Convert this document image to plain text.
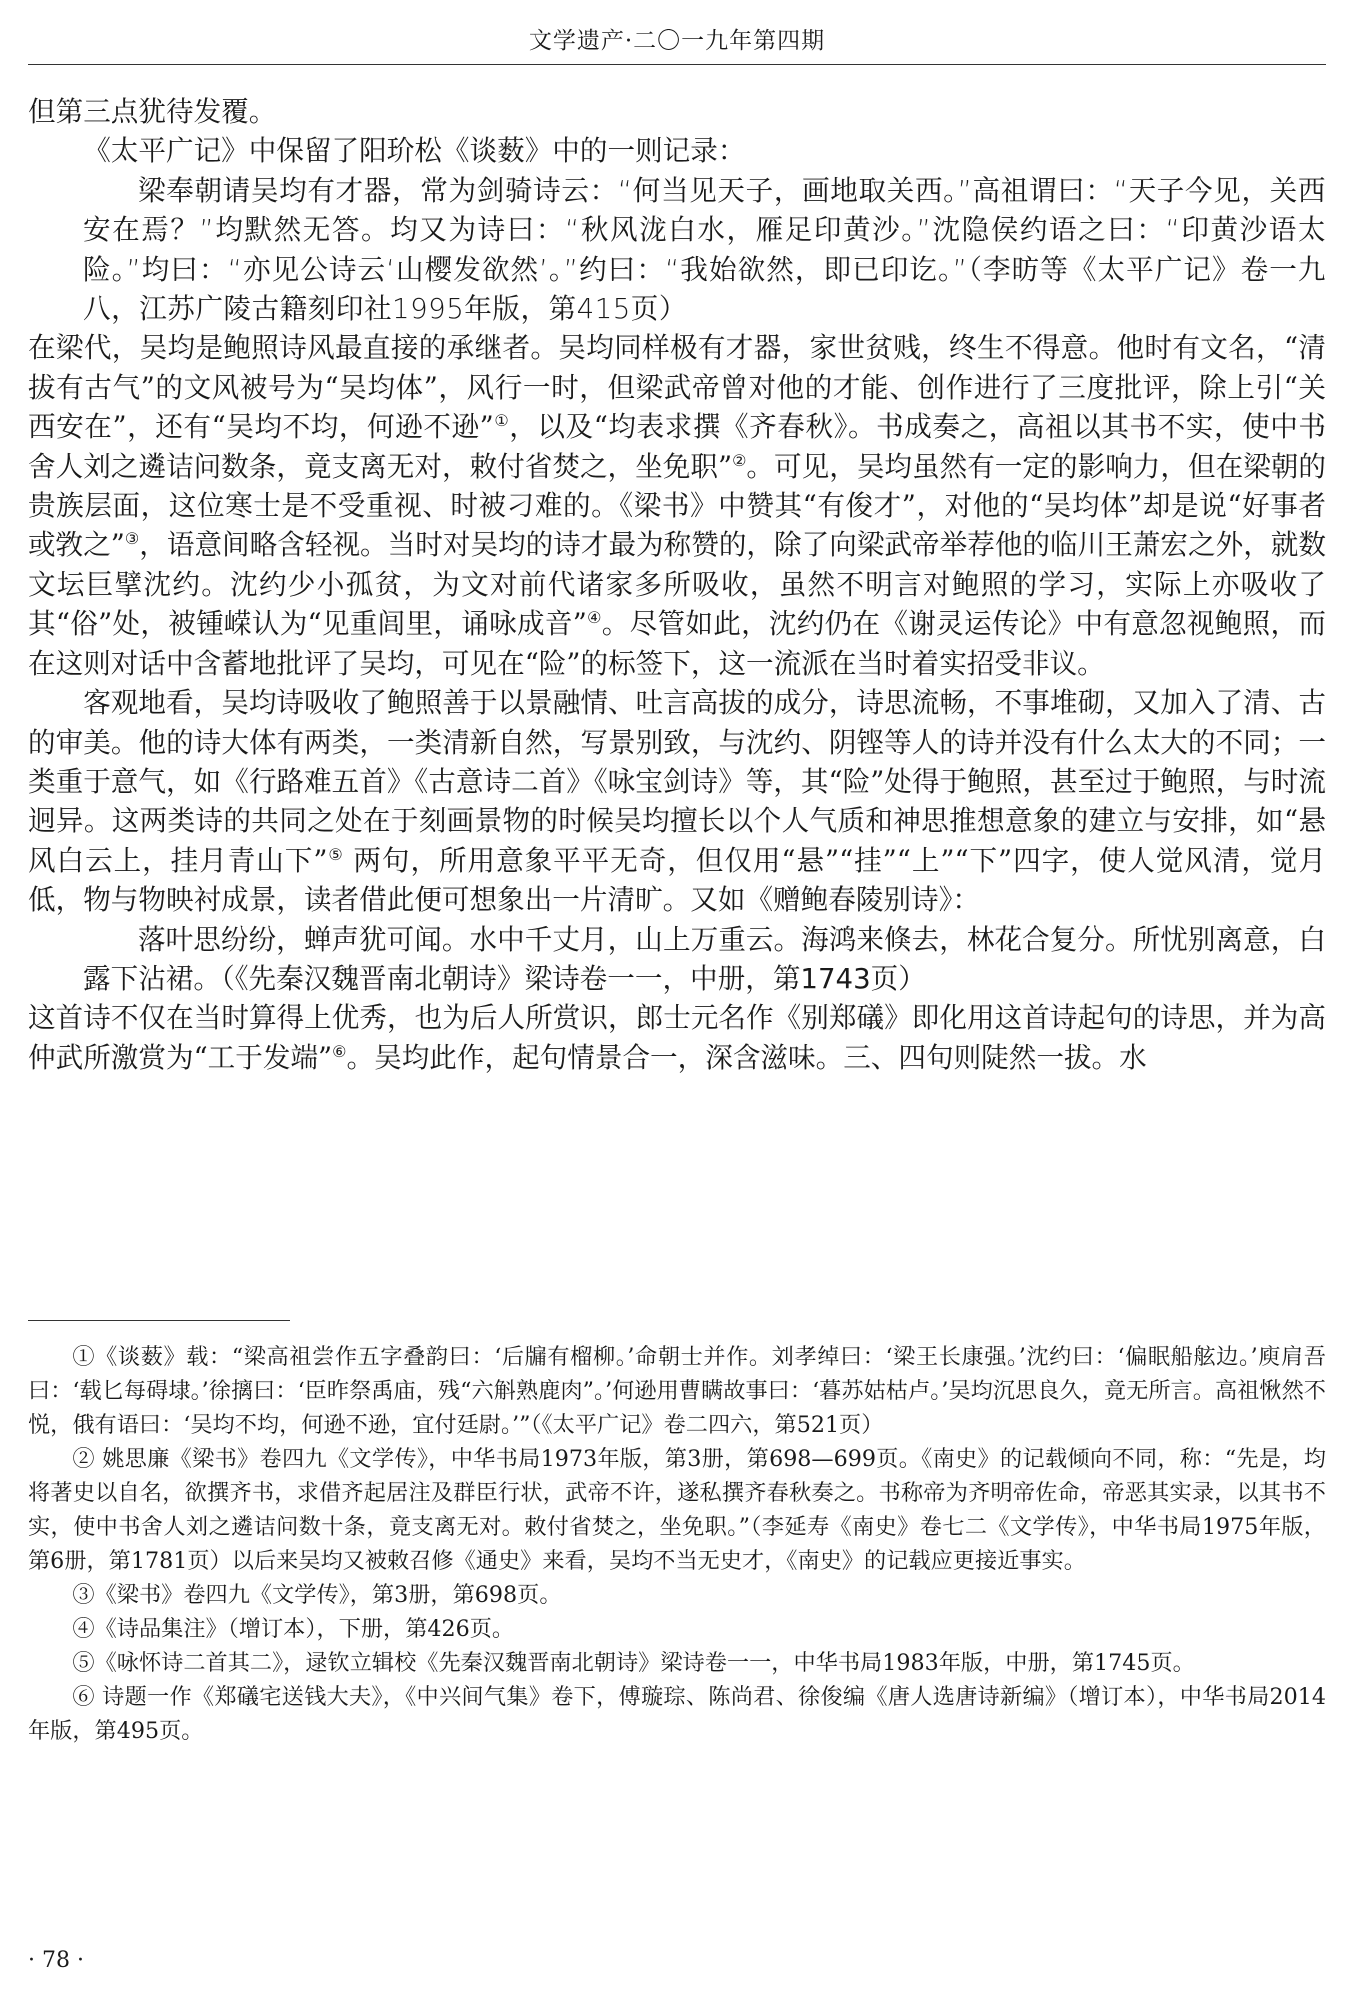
文学遗产·二〇一九年第四期

但第三点犹待发覆。

《太平广记》中保留了阳玠松《谈薮》中的一则记录：

梁奉朝请吴均有才器，常为剑骑诗云：“何当见天子，画地取关西。”高祖谓曰：“天子今见，关西安在焉？”均默然无答。均又为诗曰：“秋风泷白水，雁足印黄沙。”沈隐侯约语之曰：“印黄沙语太险。”均曰：“亦见公诗云‘山樱发欲然’。”约曰：“我始欲然，即已印讫。”（李昉等《太平广记》卷一九八，江苏广陵古籍刻印社1995年版，第415页）

在梁代，吴均是鲍照诗风最直接的承继者。吴均同样极有才器，家世贫贱，终生不得意。他时有文名，“清拔有古气”的文风被号为“吴均体”，风行一时，但梁武帝曾对他的才能、创作进行了三度批评，除上引“关西安在”，还有“吴均不均，何逊不逊”①，以及“均表求撰《齐春秋》。书成奏之，高祖以其书不实，使中书舍人刘之遴诘问数条，竟支离无对，敕付省焚之，坐免职”②。可见，吴均虽然有一定的影响力，但在梁朝的贵族层面，这位寒士是不受重视、时被刁难的。《梁书》中赞其“有俊才”，对他的“吴均体”却是说“好事者或敩之”③，语意间略含轻视。当时对吴均的诗才最为称赞的，除了向梁武帝举荐他的临川王萧宏之外，就数文坛巨擘沈约。沈约少小孤贫，为文对前代诸家多所吸收，虽然不明言对鲍照的学习，实际上亦吸收了其“俗”处，被锺嵘认为“见重闾里，诵咏成音”④。尽管如此，沈约仍在《谢灵运传论》中有意忽视鲍照，而在这则对话中含蓄地批评了吴均，可见在“险”的标签下，这一流派在当时着实招受非议。

客观地看，吴均诗吸收了鲍照善于以景融情、吐言高拔的成分，诗思流畅，不事堆砌，又加入了清、古的审美。他的诗大体有两类，一类清新自然，写景别致，与沈约、阴铿等人的诗并没有什么太大的不同；一类重于意气，如《行路难五首》《古意诗二首》《咏宝剑诗》等，其“险”处得于鲍照，甚至过于鲍照，与时流迥异。这两类诗的共同之处在于刻画景物的时候吴均擅长以个人气质和神思推想意象的建立与安排，如“悬风白云上，挂月青山下”⑤ 两句，所用意象平平无奇，但仅用“悬”“挂”“上”“下”四字，使人觉风清，觉月低，物与物映衬成景，读者借此便可想象出一片清旷。又如《赠鲍春陵别诗》：

落叶思纷纷，蝉声犹可闻。水中千丈月，山上万重云。海鸿来倏去，林花合复分。所忧别离意，白露下沾裙。（《先秦汉魏晋南北朝诗》梁诗卷一一，中册，第1743页）

这首诗不仅在当时算得上优秀，也为后人所赏识，郎士元名作《别郑礒》即化用这首诗起句的诗思，并为高仲武所激赏为“工于发端”⑥。吴均此作，起句情景合一，深含滋味。三、四句则陡然一拔。水

①《谈薮》载：“梁高祖尝作五字叠韵曰：‘后牖有榴柳。’命朝士并作。刘孝绰曰：‘梁王长康强。’沈约曰：‘偏眠船舷边。’庾肩吾曰：‘载匕每碍埭。’徐摛曰：‘臣昨祭禹庙，残“六斛熟鹿肉”。’何逊用曹瞒故事曰：‘暮苏姑枯卢。’吴均沉思良久，竟无所言。高祖愀然不悦，俄有语曰：‘吴均不均，何逊不逊，宜付廷尉。’”（《太平广记》卷二四六，第521页）

② 姚思廉《梁书》卷四九《文学传》，中华书局1973年版，第3册，第698—699页。《南史》的记载倾向不同，称：“先是，均将著史以自名，欲撰齐书，求借齐起居注及群臣行状，武帝不许，遂私撰齐春秋奏之。书称帝为齐明帝佐命，帝恶其实录，以其书不实，使中书舍人刘之遴诘问数十条，竟支离无对。敕付省焚之，坐免职。”（李延寿《南史》卷七二《文学传》，中华书局1975年版，第6册，第1781页）以后来吴均又被敕召修《通史》来看，吴均不当无史才，《南史》的记载应更接近事实。

③《梁书》卷四九《文学传》，第3册，第698页。

④《诗品集注》（增订本），下册，第426页。

⑤《咏怀诗二首其二》，逯钦立辑校《先秦汉魏晋南北朝诗》梁诗卷一一，中华书局1983年版，中册，第1745页。

⑥ 诗题一作《郑礒宅送钱大夫》，《中兴间气集》卷下，傅璇琮、陈尚君、徐俊编《唐人选唐诗新编》（增订本），中华书局2014年版，第495页。

· 78 ·
